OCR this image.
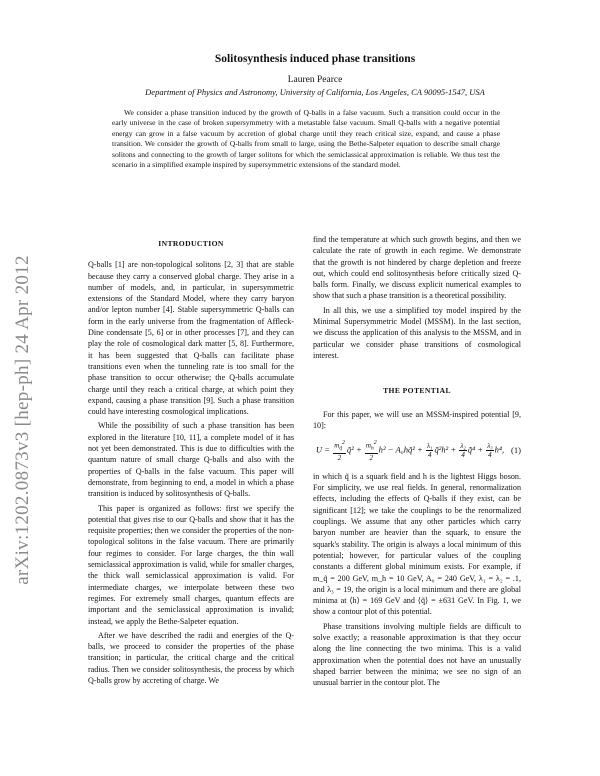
arXiv:1202.0873v3 [hep-ph] 24 Apr 2012

Solitosynthesis induced phase transitions

Lauren Pearce

Department of Physics and Astronomy, University of California, Los Angeles, CA 90095-1547, USA

We consider a phase transition induced by the growth of Q-balls in a false vacuum. Such a transition could occur in the early universe in the case of broken supersymmetry with a metastable false vacuum. Small Q-balls with a negative potential energy can grow in a false vacuum by accretion of global charge until they reach critical size, expand, and cause a phase transition. We consider the growth of Q-balls from small to large, using the Bethe-Salpeter equation to describe small charge solitons and connecting to the growth of larger solitons for which the semiclassical approximation is reliable. We thus test the scenario in a simplified example inspired by supersymmetric extensions of the standard model.

INTRODUCTION

Q-balls [1] are non-topological solitons [2, 3] that are stable because they carry a conserved global charge. They arise in a number of models, and, in particular, in supersymmetric extensions of the Standard Model, where they carry baryon and/or lepton number [4]. Stable supersymmetric Q-balls can form in the early universe from the fragmentation of Affleck-Dine condensate [5, 6] or in other processes [7], and they can play the role of cosmological dark matter [5, 8]. Furthermore, it has been suggested that Q-balls can facilitate phase transitions even when the tunneling rate is too small for the phase transition to occur otherwise; the Q-balls accumulate charge until they reach a critical charge, at which point they expand, causing a phase transition [9]. Such a phase transition could have interesting cosmological implications.

While the possibility of such a phase transition has been explored in the literature [10, 11], a complete model of it has not yet been demonstrated. This is due to difficulties with the quantum nature of small charge Q-balls and also with the properties of Q-balls in the false vacuum. This paper will demonstrate, from beginning to end, a model in which a phase transition is induced by solitosynthesis of Q-balls.

This paper is organized as follows: first we specify the potential that gives rise to our Q-balls and show that it has the requisite properties; then we consider the properties of the non-topological solitons in the false vacuum. There are primarily four regimes to consider. For large charges, the thin wall semiclassical approximation is valid, while for smaller charges, the thick wall semiclassical approximation is valid. For intermediate charges, we interpolate between these two regimes. For extremely small charges, quantum effects are important and the semiclassical approximation is invalid; instead, we apply the Bethe-Salpeter equation.

After we have described the radii and energies of the Q-balls, we proceed to consider the properties of the phase transition; in particular, the critical charge and the critical radius. Then we consider solitosynthesis, the process by which Q-balls grow by accreting of charge. We

find the temperature at which such growth begins, and then we calculate the rate of growth in each regime. We demonstrate that the growth is not hindered by charge depletion and freeze out, which could end solitosynthesis before critically sized Q-balls form. Finally, we discuss explicit numerical examples to show that such a phase transition is a theoretical possibility.

In all this, we use a simplified toy model inspired by the Minimal Supersymmetric Model (MSSM). In the last section, we discuss the application of this analysis to the MSSM, and in particular we consider phase transitions of cosmological interest.

THE POTENTIAL

For this paper, we will use an MSSM-inspired potential [9, 10]:

$U = \frac{m_{q̃}^2}{2}$ q̃² + $\frac{m_h^2}{2} h^2$ − A₀hq̃² + $\frac{\text{λ₁}}{4}$ q̃²h² + $\frac{\text{λ₂}}{4}$ q̃⁴ + $\frac{\text{λ₃}}{4} h^4$, (1)

in which q̃ is a squark field and h is the lightest Higgs boson. For simplicity, we use real fields. In general, renormalization effects, including the effects of Q-balls if they exist, can be significant [12]; we take the couplings to be the renormalized couplings. We assume that any other particles which carry baryon number are heavier than the squark, to ensure the squark's stability. The origin is always a local minimum of this potential; however, for particular values of the coupling constants a different global minimum exists. For example, if m_q̃ = 200 GeV, m_h = 10 GeV, A₀ = 240 GeV, λ₁ = λ₂ = .1, and λ₃ = 19, the origin is a local minimum and there are global minima at ⟨h⟩ = 169 GeV and ⟨q̃⟩ = ±631 GeV. In Fig. 1, we show a contour plot of this potential.

Phase transitions involving multiple fields are difficult to solve exactly; a reasonable approximation is that they occur along the line connecting the two minima. This is a valid approximation when the potential does not have an unusually shaped barrier between the minima; we see no sign of an unusual barrier in the contour plot. The
